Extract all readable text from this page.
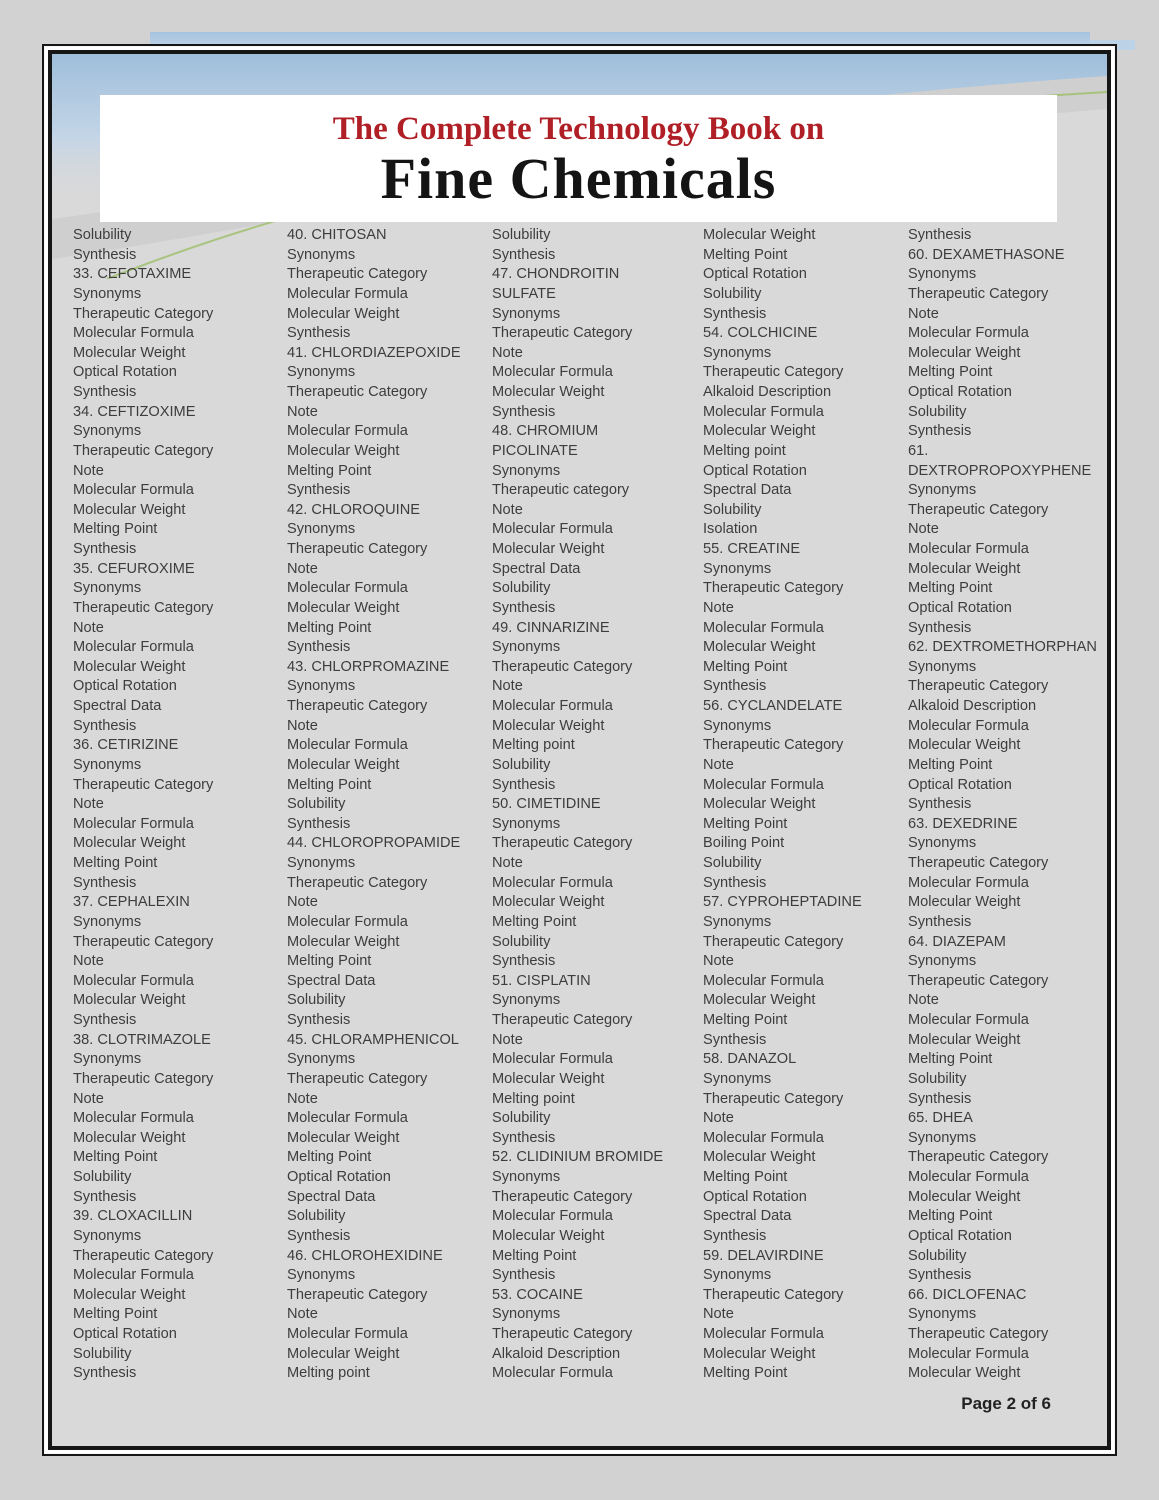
The Complete Technology Book on
Fine Chemicals
Solubility
Synthesis
33. CEFOTAXIME
Synonyms
Therapeutic Category
Molecular Formula
Molecular Weight
Optical Rotation
Synthesis
34. CEFTIZOXIME
Synonyms
Therapeutic Category
Note
Molecular Formula
Molecular Weight
Melting Point
Synthesis
35. CEFUROXIME
Synonyms
Therapeutic Category
Note
Molecular Formula
Molecular Weight
Optical Rotation
Spectral Data
Synthesis
36. CETIRIZINE
Synonyms
Therapeutic Category
Note
Molecular Formula
Molecular Weight
Melting Point
Synthesis
37. CEPHALEXIN
Synonyms
Therapeutic Category
Note
Molecular Formula
Molecular Weight
Synthesis
38. CLOTRIMAZOLE
Synonyms
Therapeutic Category
Note
Molecular Formula
Molecular Weight
Melting Point
Solubility
Synthesis
39. CLOXACILLIN
Synonyms
Therapeutic Category
Molecular Formula
Molecular Weight
Melting Point
Optical Rotation
Solubility
Synthesis
40. CHITOSAN
Synonyms
Therapeutic Category
Molecular Formula
Molecular Weight
Synthesis
41. CHLORDIAZEPOXIDE
Synonyms
Therapeutic Category
Note
Molecular Formula
Molecular Weight
Melting Point
Synthesis
42. CHLOROQUINE
Synonyms
Therapeutic Category
Note
Molecular Formula
Molecular Weight
Melting Point
Synthesis
43. CHLORPROMAZINE
Synonyms
Therapeutic Category
Note
Molecular Formula
Molecular Weight
Melting Point
Solubility
Synthesis
44. CHLOROPROPAMIDE
Synonyms
Therapeutic Category
Note
Molecular Formula
Molecular Weight
Melting Point
Spectral Data
Solubility
Synthesis
45. CHLORAMPHENICOL
Synonyms
Therapeutic Category
Note
Molecular Formula
Molecular Weight
Melting Point
Optical Rotation
Spectral Data
Solubility
Synthesis
46. CHLOROHEXIDINE
Synonyms
Therapeutic Category
Note
Molecular Formula
Molecular Weight
Melting point
Solubility
Synthesis
47. CHONDROITIN
SULFATE
Synonyms
Therapeutic Category
Note
Molecular Formula
Molecular Weight
Synthesis
48. CHROMIUM
PICOLINATE
Synonyms
Therapeutic category
Note
Molecular Formula
Molecular Weight
Spectral Data
Solubility
Synthesis
49. CINNARIZINE
Synonyms
Therapeutic Category
Note
Molecular Formula
Molecular Weight
Melting point
Solubility
Synthesis
50. CIMETIDINE
Synonyms
Therapeutic Category
Note
Molecular Formula
Molecular Weight
Melting Point
Solubility
Synthesis
51. CISPLATIN
Synonyms
Therapeutic Category
Note
Molecular Formula
Molecular Weight
Melting point
Solubility
Synthesis
52. CLIDINIUM BROMIDE
Synonyms
Therapeutic Category
Molecular Formula
Molecular Weight
Melting Point
Synthesis
53. COCAINE
Synonyms
Therapeutic Category
Alkaloid Description
Molecular Formula
Molecular Weight
Melting Point
Optical Rotation
Solubility
Synthesis
54. COLCHICINE
Synonyms
Therapeutic Category
Alkaloid Description
Molecular Formula
Molecular Weight
Melting point
Optical Rotation
Spectral Data
Solubility
Isolation
55. CREATINE
Synonyms
Therapeutic Category
Note
Molecular Formula
Molecular Weight
Melting Point
Synthesis
56. CYCLANDELATE
Synonyms
Therapeutic Category
Note
Molecular Formula
Molecular Weight
Melting Point
Boiling Point
Solubility
Synthesis
57. CYPROHEPTADINE
Synonyms
Therapeutic Category
Note
Molecular Formula
Molecular Weight
Melting Point
Synthesis
58. DANAZOL
Synonyms
Therapeutic Category
Note
Molecular Formula
Molecular Weight
Melting Point
Optical Rotation
Spectral Data
Synthesis
59. DELAVIRDINE
Synonyms
Therapeutic Category
Note
Molecular Formula
Molecular Weight
Melting Point
Synthesis
60. DEXAMETHASONE
Synonyms
Therapeutic Category
Note
Molecular Formula
Molecular Weight
Melting Point
Optical Rotation
Solubility
Synthesis
61.
DEXTROPROPOXYPHENE
Synonyms
Therapeutic Category
Note
Molecular Formula
Molecular Weight
Melting Point
Optical Rotation
Synthesis
62. DEXTROMETHORPHAN
Synonyms
Therapeutic Category
Alkaloid Description
Molecular Formula
Molecular Weight
Melting Point
Optical Rotation
Synthesis
63. DEXEDRINE
Synonyms
Therapeutic Category
Molecular Formula
Molecular Weight
Synthesis
64. DIAZEPAM
Synonyms
Therapeutic Category
Note
Molecular Formula
Molecular Weight
Melting Point
Solubility
Synthesis
65. DHEA
Synonyms
Therapeutic Category
Molecular Formula
Molecular Weight
Melting Point
Optical Rotation
Solubility
Synthesis
66. DICLOFENAC
Synonyms
Therapeutic Category
Molecular Formula
Molecular Weight
Page 2 of 6
